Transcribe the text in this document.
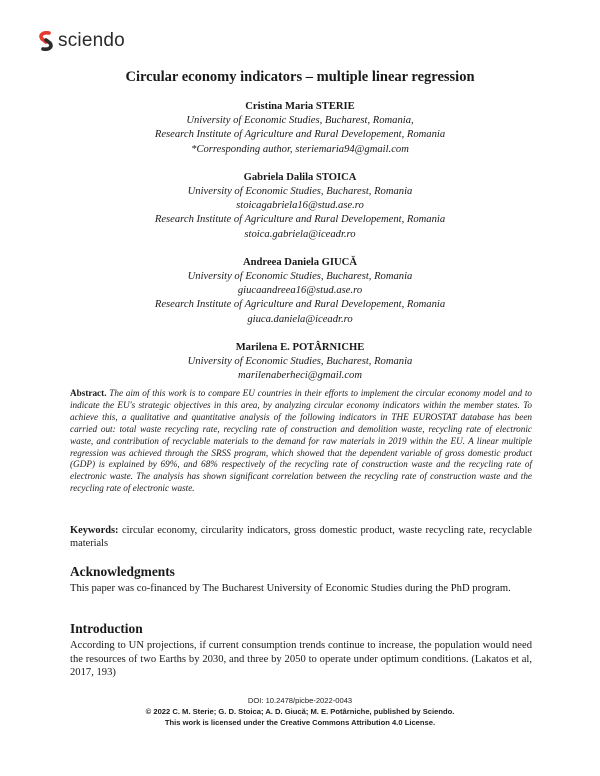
sciendo
Circular economy indicators – multiple linear regression
Cristina Maria STERIE
University of Economic Studies, Bucharest, Romania,
Research Institute of Agriculture and Rural Developement, Romania
*Corresponding author, steriemaria94@gmail.com
Gabriela Dalila STOICA
University of Economic Studies, Bucharest, Romania
stoicagabriela16@stud.ase.ro
Research Institute of Agriculture and Rural Developement, Romania
stoica.gabriela@iceadr.ro
Andreea Daniela GIUCĂ
University of Economic Studies, Bucharest, Romania
giucaandreea16@stud.ase.ro
Research Institute of Agriculture and Rural Developement, Romania
giuca.daniela@iceadr.ro
Marilena E. POTÂRNICHE
University of Economic Studies, Bucharest, Romania
marilenaberheci@gmail.com
Abstract. The aim of this work is to compare EU countries in their efforts to implement the circular economy model and to indicate the EU's strategic objectives in this area, by analyzing circular economy indicators within the member states. To achieve this, a qualitative and quantitative analysis of the following indicators in THE EUROSTAT database has been carried out: total waste recycling rate, recycling rate of construction and demolition waste, recycling rate of electronic waste, and contribution of recyclable materials to the demand for raw materials in 2019 within the EU. A linear multiple regression was achieved through the SRSS program, which showed that the dependent variable of gross domestic product (GDP) is explained by 69%, and 68% respectively of the recycling rate of construction waste and the recycling rate of electronic waste. The analysis has shown significant correlation between the recycling rate of construction waste and the recycling rate of electronic waste.
Keywords: circular economy, circularity indicators, gross domestic product, waste recycling rate, recyclable materials
Acknowledgments
This paper was co-financed by The Bucharest University of Economic Studies during the PhD program.
Introduction
According to UN projections, if current consumption trends continue to increase, the population would need the resources of two Earths by 2030, and three by 2050 to operate under optimum conditions. (Lakatos et al, 2017, 193)
DOI: 10.2478/picbe-2022-0043
© 2022 C. M. Sterie; G. D. Stoica; A. D. Giucă; M. E. Potârniche, published by Sciendo.
This work is licensed under the Creative Commons Attribution 4.0 License.
